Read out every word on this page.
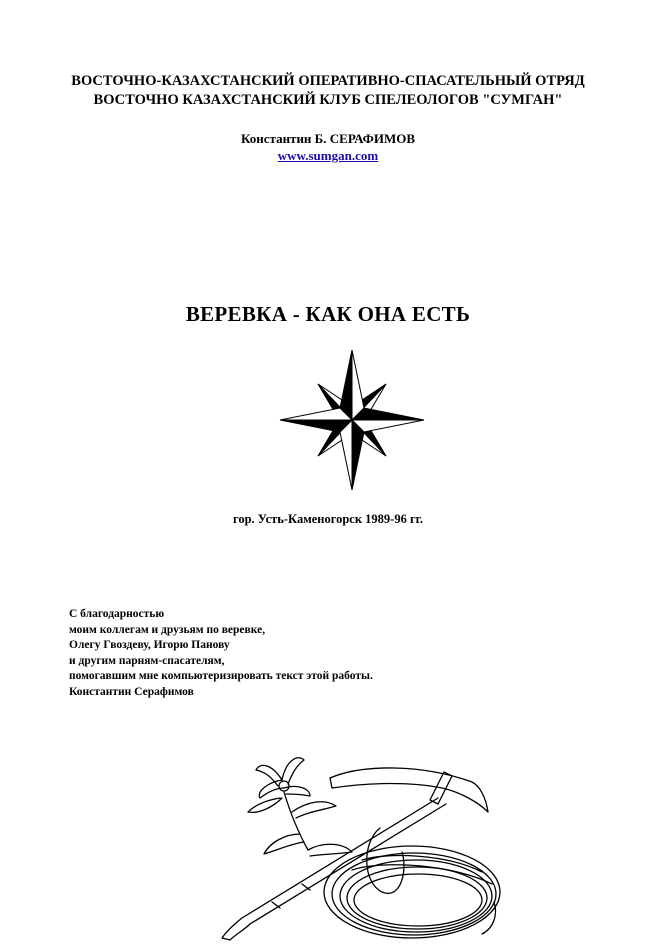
ВОСТОЧНО-КАЗАХСТАНСКИЙ ОПЕРАТИВНО-СПАСАТЕЛЬНЫЙ ОТРЯД
ВОСТОЧНО КАЗАХСТАНСКИЙ КЛУБ СПЕЛЕОЛОГОВ "СУМГАН"
Константин Б. СЕРАФИМОВ
www.sumgan.com
ВЕРЕВКА - КАК ОНА ЕСТЬ
гор. Усть-Каменогорск 1989-96 гг.
С благодарностью
моим коллегам и друзьям по веревке,
Олегу Гвоздеву, Игорю Панову
и другим парням-спасателям,
помогавшим мне компьютеризировать текст этой работы.
Константин Серафимов
